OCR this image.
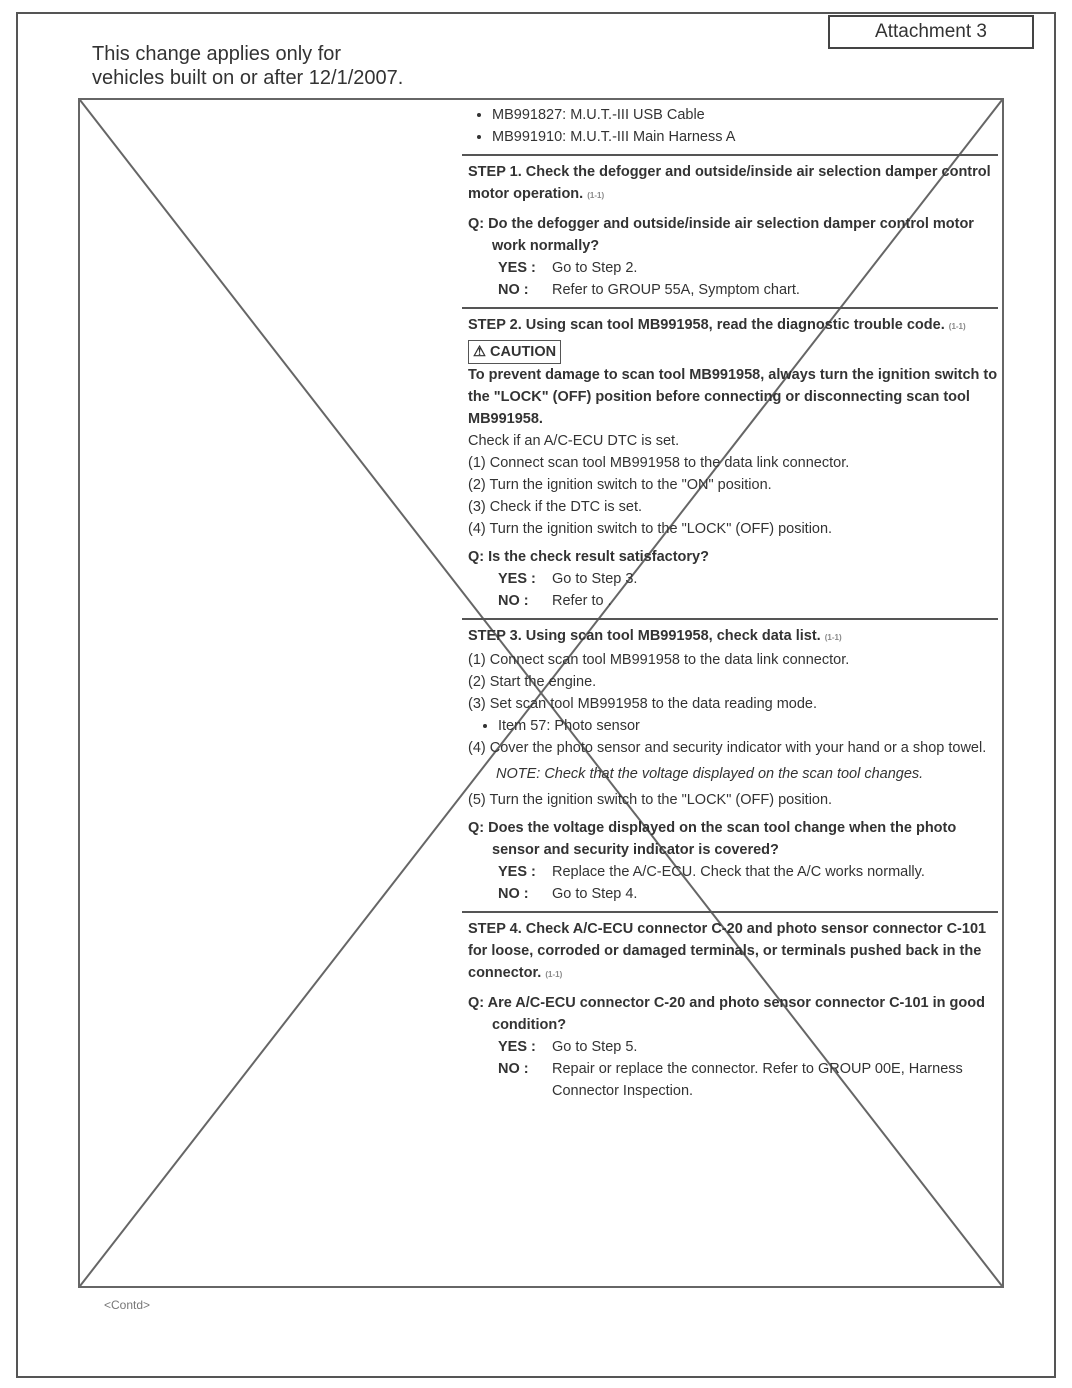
Attachment 3
This change applies only for
vehicles built on or after 12/1/2007.
• MB991827: M.U.T.-III USB Cable
• MB991910: M.U.T.-III Main Harness A
STEP 1. Check the defogger and outside/inside air selection damper control motor operation. (1-1)
Q: Do the defogger and outside/inside air selection damper control motor work normally?
YES :	Go to Step 2.
NO :	Refer to GROUP 55A, Symptom chart.
STEP 2. Using scan tool MB991958, read the diagnostic trouble code. (1-1)
⚠ CAUTION
To prevent damage to scan tool MB991958, always turn the ignition switch to the "LOCK" (OFF) position before connecting or disconnecting scan tool MB991958.
Check if an A/C-ECU DTC is set.
(1) Connect scan tool MB991958 to the data link connector.
(2) Turn the ignition switch to the "ON" position.
(3) Check if the DTC is set.
(4) Turn the ignition switch to the "LOCK" (OFF) position.
Q: Is the check result satisfactory?
YES :	Go to Step 3.
NO :	Refer to .
STEP 3. Using scan tool MB991958, check data list. (1-1)
(1) Connect scan tool MB991958 to the data link connector.
(2) Start the engine.
(3) Set scan tool MB991958 to the data reading mode.
• Item 57: Photo sensor
(4) Cover the photo sensor and security indicator with your hand or a shop towel.
NOTE: Check that the voltage displayed on the scan tool changes.
(5) Turn the ignition switch to the "LOCK" (OFF) position.
Q: Does the voltage displayed on the scan tool change when the photo sensor and security indicator is covered?
YES :	Replace the A/C-ECU. Check that the A/C works normally.
NO :	Go to Step 4.
STEP 4. Check A/C-ECU connector C-20 and photo sensor connector C-101 for loose, corroded or damaged terminals, or terminals pushed back in the connector. (1-1)
Q: Are A/C-ECU connector C-20 and photo sensor connector C-101 in good condition?
YES :	Go to Step 5.
NO :	Repair or replace the connector. Refer to GROUP 00E, Harness Connector Inspection.
<Contd>
